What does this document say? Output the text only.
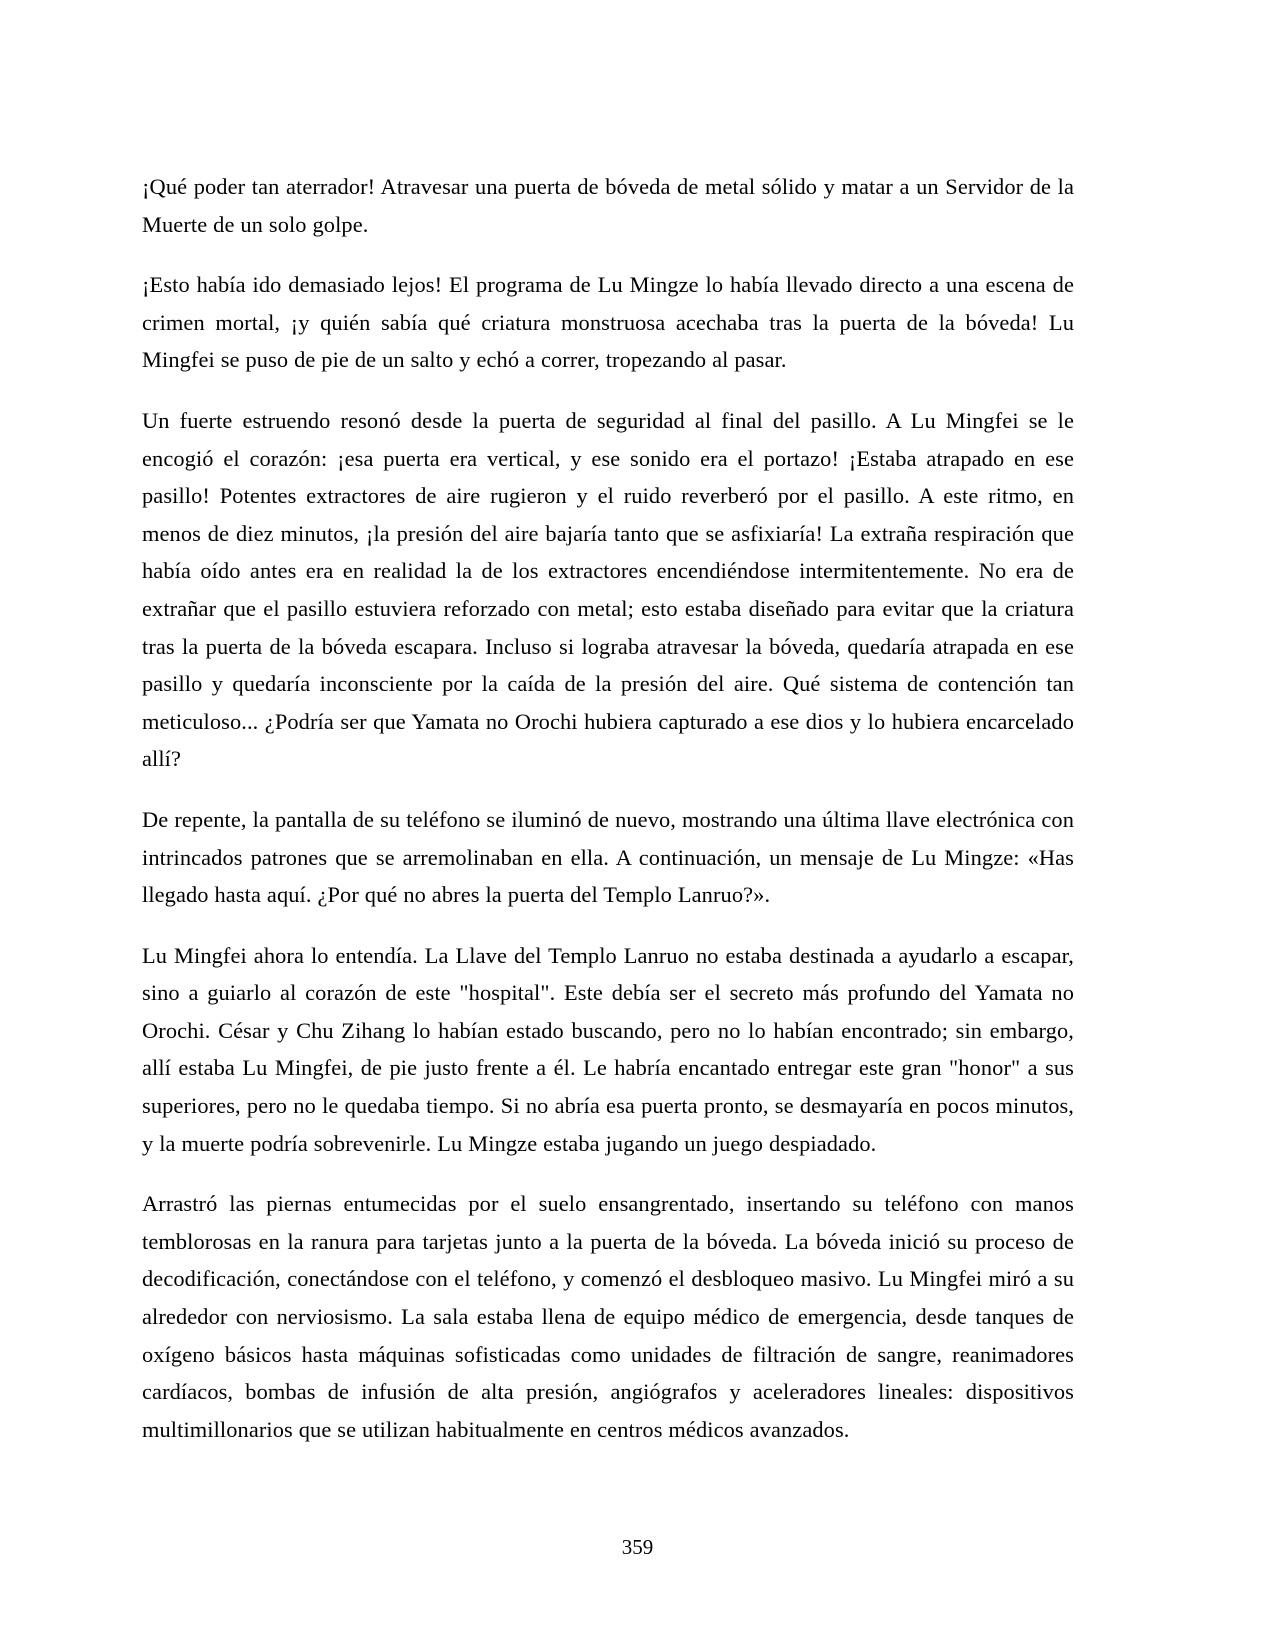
¡Qué poder tan aterrador! Atravesar una puerta de bóveda de metal sólido y matar a un Servidor de la Muerte de un solo golpe.

¡Esto había ido demasiado lejos! El programa de Lu Mingze lo había llevado directo a una escena de crimen mortal, ¡y quién sabía qué criatura monstruosa acechaba tras la puerta de la bóveda! Lu Mingfei se puso de pie de un salto y echó a correr, tropezando al pasar.

Un fuerte estruendo resonó desde la puerta de seguridad al final del pasillo. A Lu Mingfei se le encogió el corazón: ¡esa puerta era vertical, y ese sonido era el portazo! ¡Estaba atrapado en ese pasillo! Potentes extractores de aire rugieron y el ruido reverberó por el pasillo. A este ritmo, en menos de diez minutos, ¡la presión del aire bajaría tanto que se asfixiaría! La extraña respiración que había oído antes era en realidad la de los extractores encendiéndose intermitentemente. No era de extrañar que el pasillo estuviera reforzado con metal; esto estaba diseñado para evitar que la criatura tras la puerta de la bóveda escapara. Incluso si lograba atravesar la bóveda, quedaría atrapada en ese pasillo y quedaría inconsciente por la caída de la presión del aire. Qué sistema de contención tan meticuloso... ¿Podría ser que Yamata no Orochi hubiera capturado a ese dios y lo hubiera encarcelado allí?

De repente, la pantalla de su teléfono se iluminó de nuevo, mostrando una última llave electrónica con intrincados patrones que se arremolinaban en ella. A continuación, un mensaje de Lu Mingze: «Has llegado hasta aquí. ¿Por qué no abres la puerta del Templo Lanruo?».

Lu Mingfei ahora lo entendía. La Llave del Templo Lanruo no estaba destinada a ayudarlo a escapar, sino a guiarlo al corazón de este "hospital". Este debía ser el secreto más profundo del Yamata no Orochi. César y Chu Zihang lo habían estado buscando, pero no lo habían encontrado; sin embargo, allí estaba Lu Mingfei, de pie justo frente a él. Le habría encantado entregar este gran "honor" a sus superiores, pero no le quedaba tiempo. Si no abría esa puerta pronto, se desmayaría en pocos minutos, y la muerte podría sobrevenirle. Lu Mingze estaba jugando un juego despiadado.

Arrastró las piernas entumecidas por el suelo ensangrentado, insertando su teléfono con manos temblorosas en la ranura para tarjetas junto a la puerta de la bóveda. La bóveda inició su proceso de decodificación, conectándose con el teléfono, y comenzó el desbloqueo masivo. Lu Mingfei miró a su alrededor con nerviosismo. La sala estaba llena de equipo médico de emergencia, desde tanques de oxígeno básicos hasta máquinas sofisticadas como unidades de filtración de sangre, reanimadores cardíacos, bombas de infusión de alta presión, angiógrafos y aceleradores lineales: dispositivos multimillonarios que se utilizan habitualmente en centros médicos avanzados.

359
